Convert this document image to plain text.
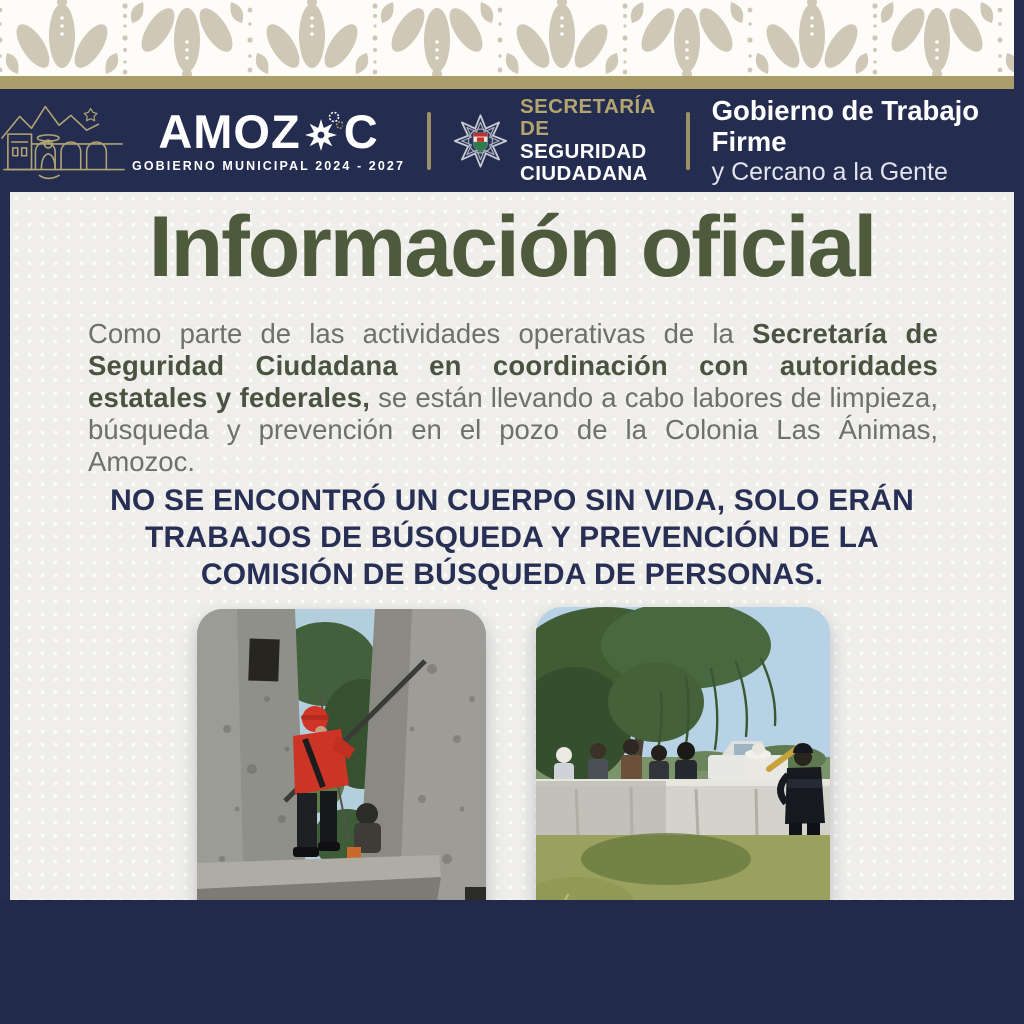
AMOZ C
GOBIERNO MUNICIPAL 2024 - 2027
SECRETARÍA
DE SEGURIDAD
CIUDADANA
Gobierno de Trabajo Firme
y Cercano a la Gente
Información oficial

Como parte de las actividades operativas de la Secretaría de Seguridad Ciudadana en coordinación con autoridades estatales y federales, se están llevando a cabo labores de limpieza, búsqueda y prevención en el pozo de la Colonia Las Ánimas, Amozoc.

NO SE ENCONTRÓ UN CUERPO SIN VIDA, SOLO ERÁN TRABAJOS DE BÚSQUEDA Y PREVENCIÓN DE LA COMISIÓN DE BÚSQUEDA DE PERSONAS.
